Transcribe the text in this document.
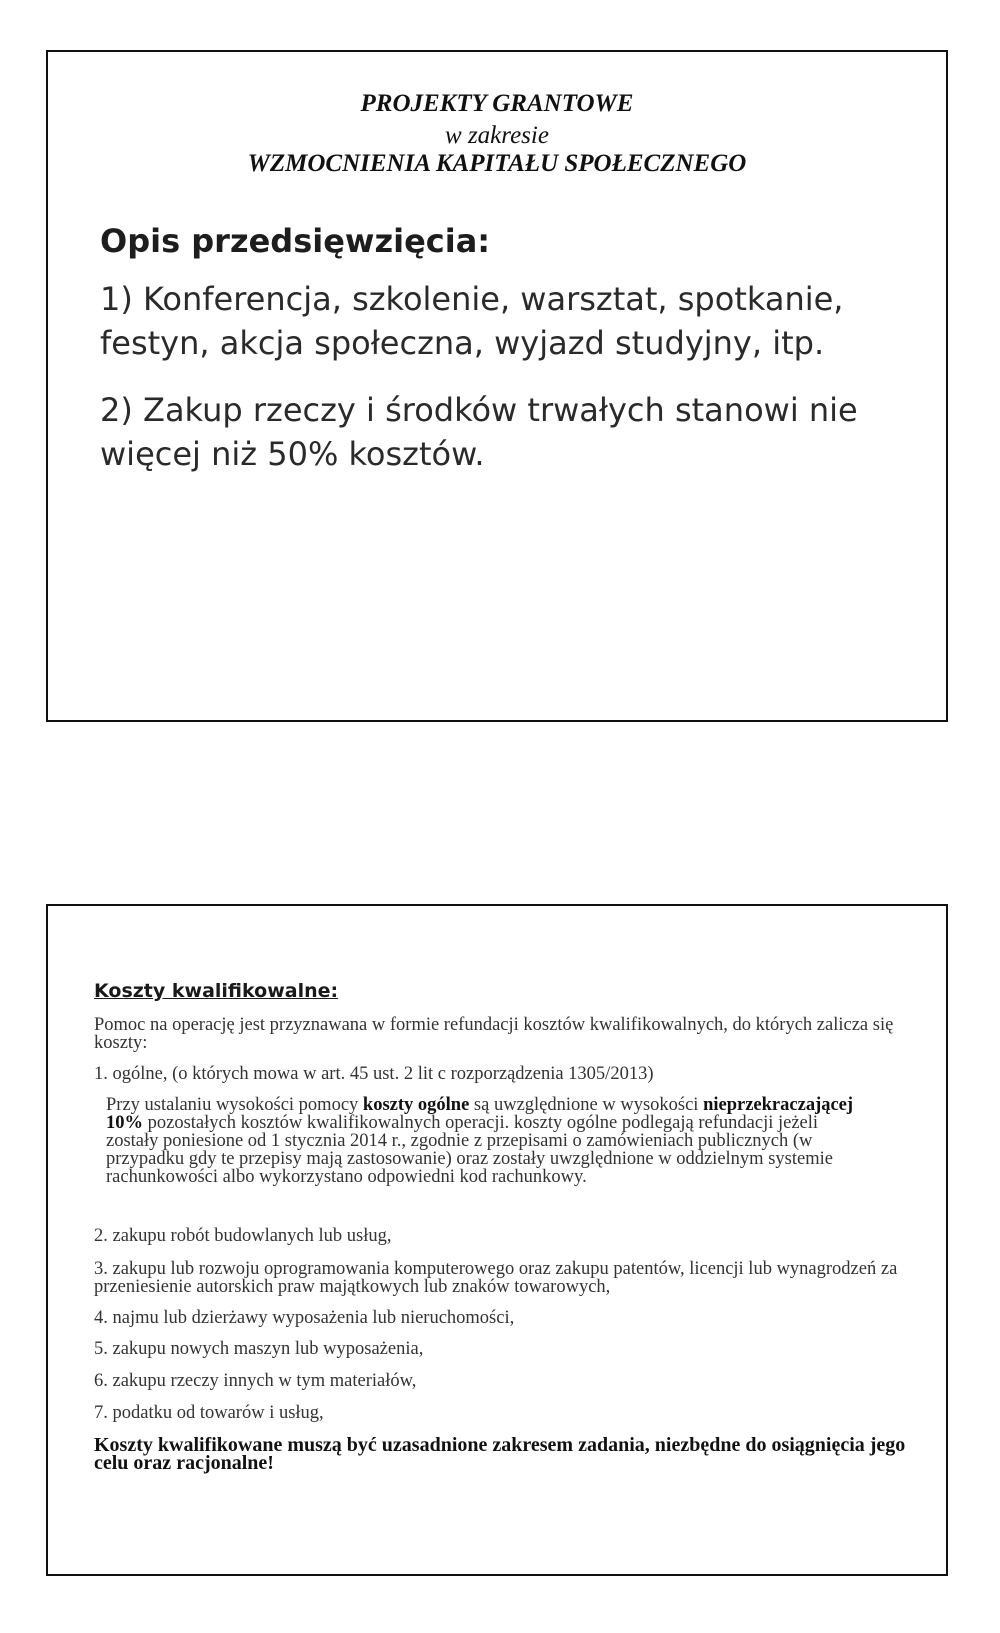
PROJEKTY GRANTOWE

w zakresie

WZMOCNIENIA KAPITAŁU SPOŁECZNEGO

Opis przedsięwzięcia:

1) Konferencja, szkolenie, warsztat, spotkanie, festyn, akcja społeczna, wyjazd studyjny, itp.

2) Zakup rzeczy i środków trwałych stanowi nie więcej niż 50% kosztów.

Koszty kwalifikowalne:

Pomoc na operację jest przyznawana w formie refundacji kosztów kwalifikowalnych, do których zalicza się koszty:

1. ogólne, (o których mowa w art. 45 ust. 2 lit c rozporządzenia 1305/2013)

Przy ustalaniu wysokości pomocy koszty ogólne są uwzględnione w wysokości nieprzekraczającej 10% pozostałych kosztów kwalifikowalnych operacji. koszty ogólne podlegają refundacji jeżeli zostały poniesione od 1 stycznia 2014 r., zgodnie z przepisami o zamówieniach publicznych (w przypadku gdy te przepisy mają zastosowanie) oraz zostały uwzględnione w oddzielnym systemie rachunkowości albo wykorzystano odpowiedni kod rachunkowy.

2. zakupu robót budowlanych lub usług,

3. zakupu lub rozwoju oprogramowania komputerowego oraz zakupu patentów, licencji lub wynagrodzeń za przeniesienie autorskich praw majątkowych lub znaków towarowych,

4. najmu lub dzierżawy wyposażenia lub nieruchomości,

5. zakupu nowych maszyn lub wyposażenia,

6. zakupu rzeczy innych w tym materiałów,

7. podatku od towarów i usług,

Koszty kwalifikowane muszą być uzasadnione zakresem zadania, niezbędne do osiągnięcia jego celu oraz racjonalne!
